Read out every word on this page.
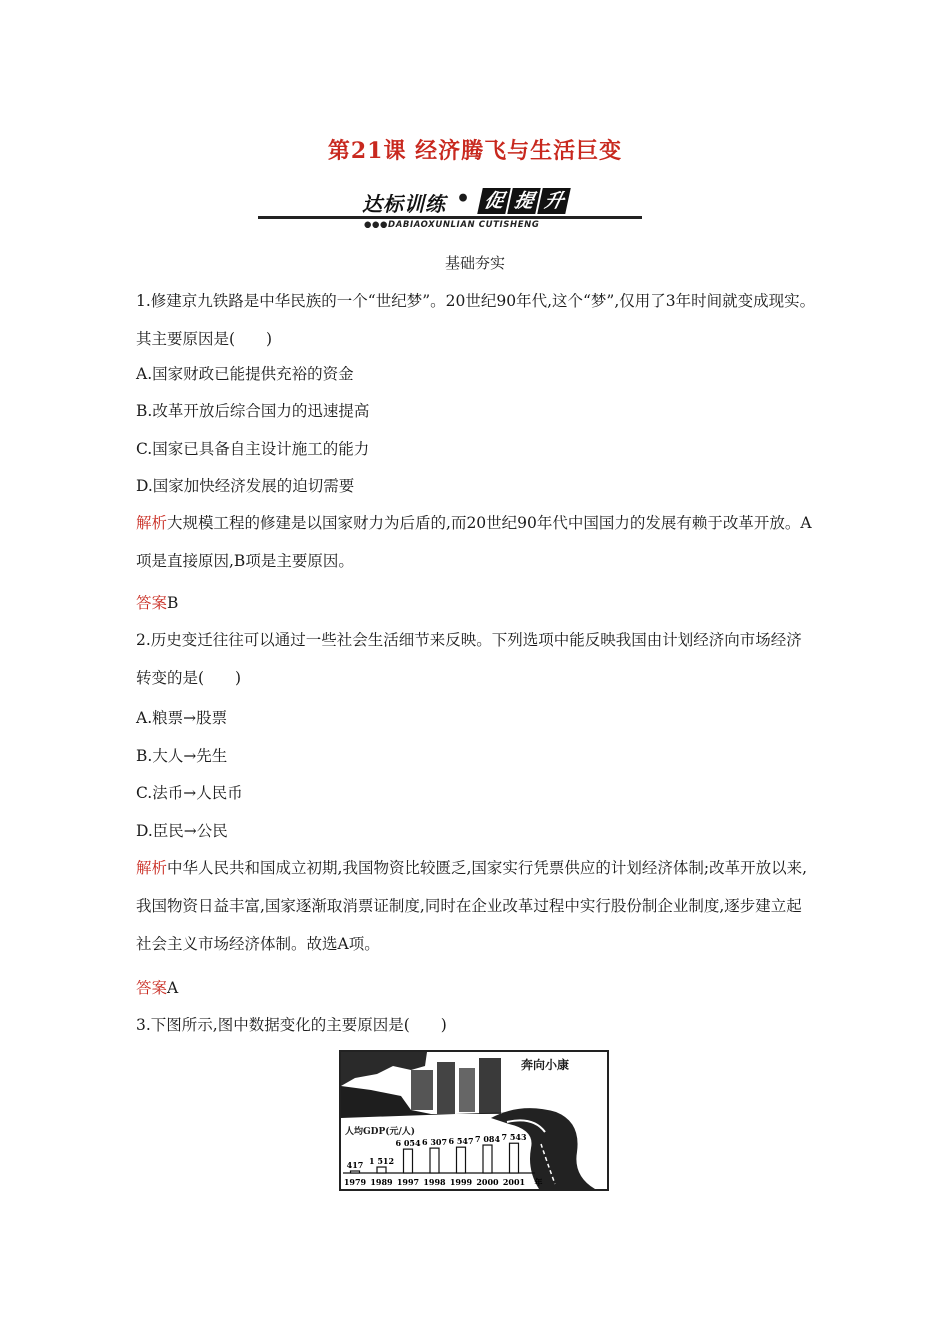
第21课 经济腾飞与生活巨变
达标训练 • 促 提 升
●●●DABIAOXUNLIAN CUTISHENG
基础夯实
1.修建京九铁路是中华民族的一个“世纪梦”。20世纪90年代,这个“梦”,仅用了3年时间就变成现实。其主要原因是(　　)
A.国家财政已能提供充裕的资金
B.改革开放后综合国力的迅速提高
C.国家已具备自主设计施工的能力
D.国家加快经济发展的迫切需要
解析大规模工程的修建是以国家财力为后盾的,而20世纪90年代中国国力的发展有赖于改革开放。A项是直接原因,B项是主要原因。
答案B
2.历史变迁往往可以通过一些社会生活细节来反映。下列选项中能反映我国由计划经济向市场经济转变的是(　　)
A.粮票→股票
B.大人→先生
C.法币→人民币
D.臣民→公民
解析中华人民共和国成立初期,我国物资比较匮乏,国家实行凭票供应的计划经济体制;改革开放以来,我国物资日益丰富,国家逐渐取消票证制度,同时在企业改革过程中实行股份制企业制度,逐步建立起社会主义市场经济体制。故选A项。
答案A
3.下图所示,图中数据变化的主要原因是(　　)
417
1979
1 512
1989
6 054
1997
6 307
1998
6 547
1999
7 084
2000
7 543
2001 年
奔向小康
人均GDP(元/人)
